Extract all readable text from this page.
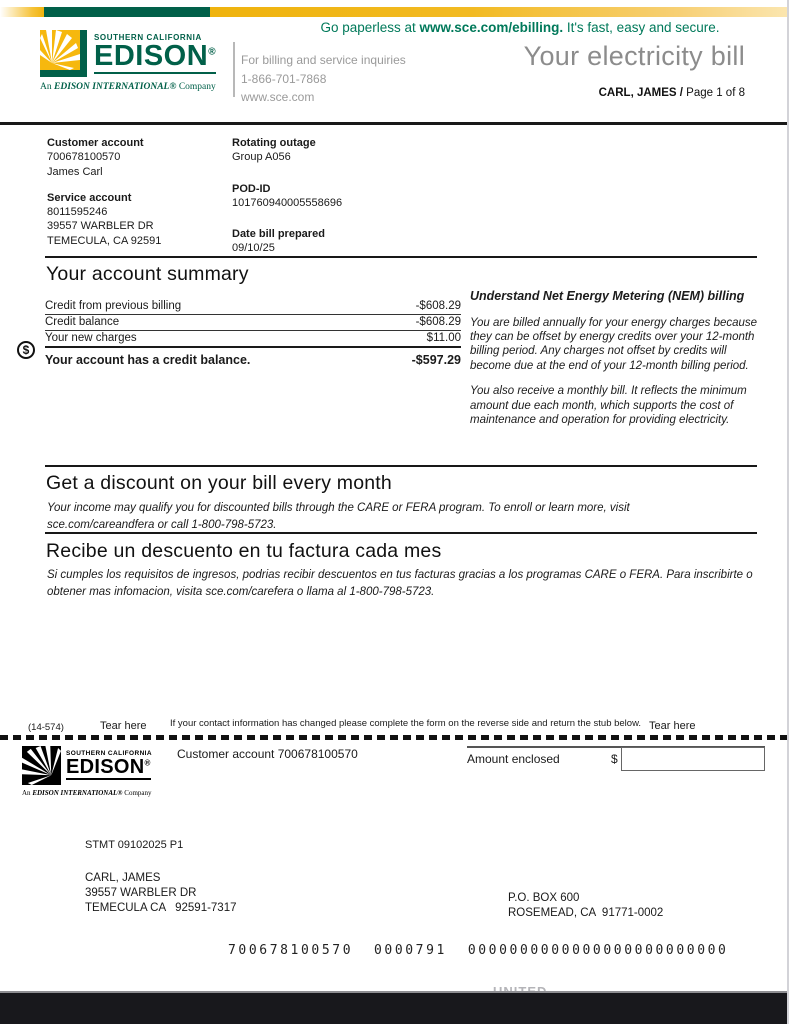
SOUTHERN CALIFORNIA
EDISON®
An EDISON INTERNATIONAL® Company
Go paperless at www.sce.com/ebilling. It's fast, easy and secure.
For billing and service inquiries
1-866-701-7868
www.sce.com
Your electricity bill
CARL, JAMES / Page 1 of 8
Customer account
700678100570
James Carl
Service account
8011595246
39557 WARBLER DR
TEMECULA, CA 92591
Rotating outage
Group A056
POD-ID
101760940005558696
Date bill prepared
09/10/25
Your account summary
Credit from previous billing	-$608.29
Credit balance	-$608.29
Your new charges	$11.00
Your account has a credit balance.	-$597.29
$
Understand Net Energy Metering (NEM) billing

You are billed annually for your energy charges because they can be offset by energy credits over your 12-month billing period. Any charges not offset by credits will become due at the end of your 12-month billing period.

You also receive a monthly bill. It reflects the minimum amount due each month, which supports the cost of maintenance and operation for providing electricity.

Get a discount on your bill every month
Your income may qualify you for discounted bills through the CARE or FERA program. To enroll or learn more, visit sce.com/careandfera or call 1-800-798-5723.
Recibe un descuento en tu factura cada mes
Si cumples los requisitos de ingresos, podrias recibir descuentos en tus facturas gracias a los programas CARE o FERA. Para inscribirte o obtener mas infomacion, visita sce.com/carefera o llama al 1-800-798-5723.
(14-574)	Tear here If your contact information has changed please complete the form on the reverse side and return the stub below. Tear here
SOUTHERN CALIFORNIA
EDISON®
An EDISON INTERNATIONAL® Company
Customer account 700678100570	Amount enclosed	$
STMT 09102025 P1
CARL, JAMES
39557 WARBLER DR
TEMECULA CA   92591-7317
P.O. BOX 600
ROSEMEAD, CA  91771-0002
700678100570  0000791  0000000000000000000000000
